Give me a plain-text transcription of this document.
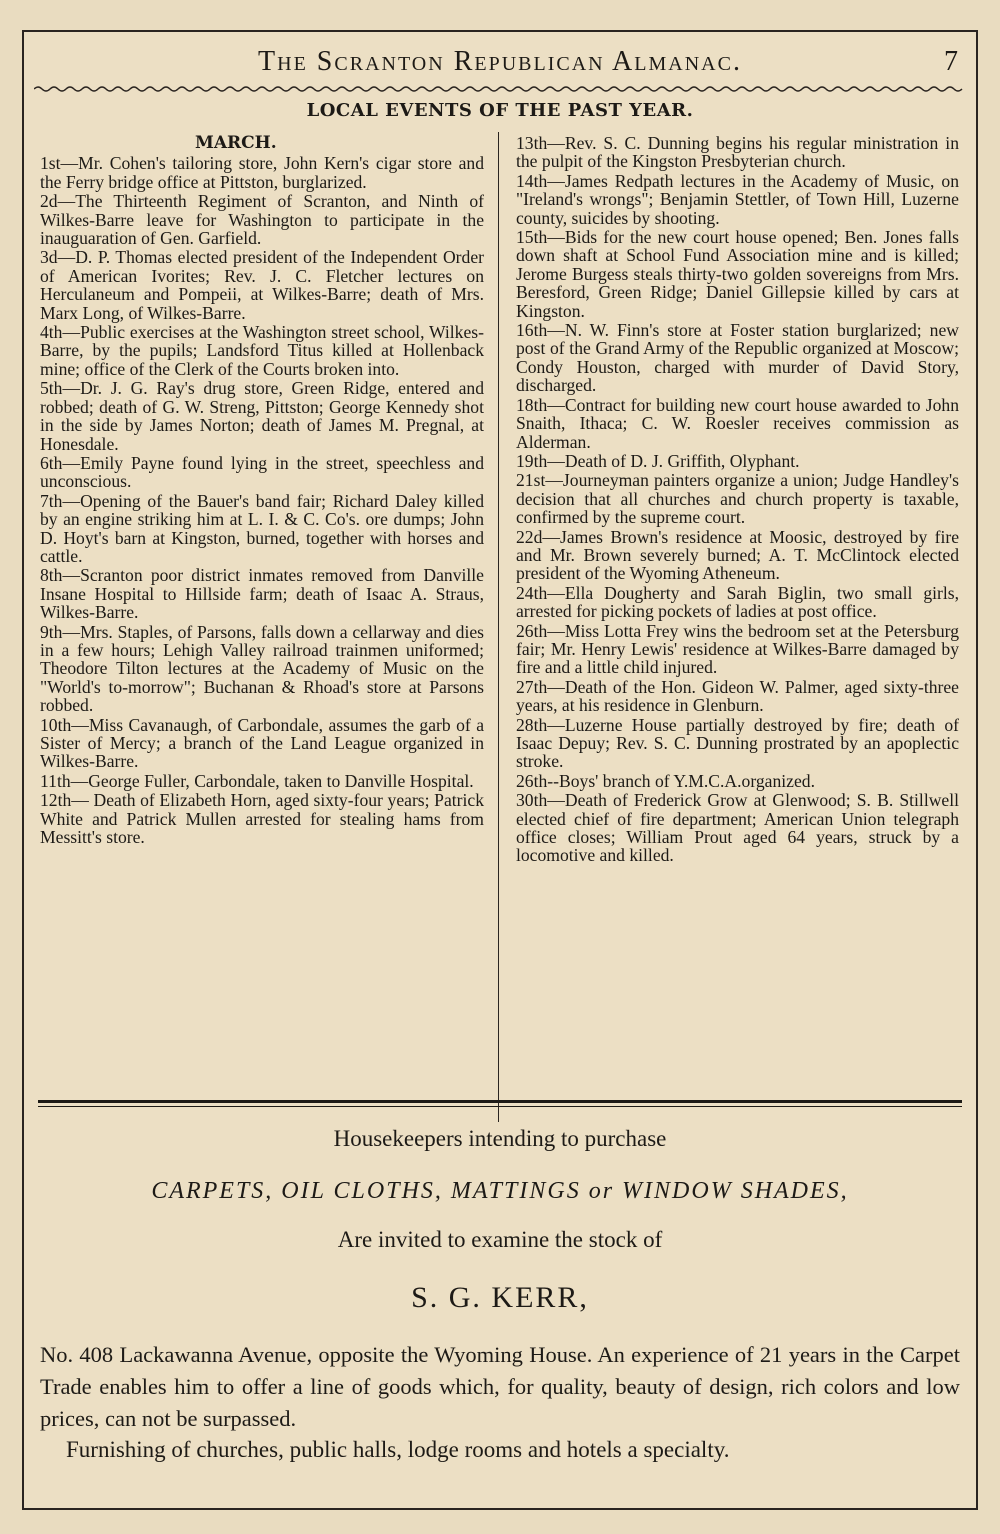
The Scranton Republican Almanac.	7
LOCAL EVENTS OF THE PAST YEAR.
MARCH.
1st—Mr. Cohen's tailoring store, John Kern's cigar store and the Ferry bridge office at Pittston, burglarized.
2d—The Thirteenth Regiment of Scranton, and Ninth of Wilkes-Barre leave for Washington to participate in the inauguaration of Gen. Garfield.
3d—D. P. Thomas elected president of the Independent Order of American Ivorites; Rev. J. C. Fletcher lectures on Herculaneum and Pompeii, at Wilkes-Barre; death of Mrs. Marx Long, of Wilkes-Barre.
4th—Public exercises at the Washington street school, Wilkes-Barre, by the pupils; Landsford Titus killed at Hollenback mine; office of the Clerk of the Courts broken into.
5th—Dr. J. G. Ray's drug store, Green Ridge, entered and robbed; death of G. W. Streng, Pittston; George Kennedy shot in the side by James Norton; death of James M. Pregnal, at Honesdale.
6th—Emily Payne found lying in the street, speechless and unconscious.
7th—Opening of the Bauer's band fair; Richard Daley killed by an engine striking him at L. I. & C. Co's. ore dumps; John D. Hoyt's barn at Kingston, burned, together with horses and cattle.
8th—Scranton poor district inmates removed from Danville Insane Hospital to Hillside farm; death of Isaac A. Straus, Wilkes-Barre.
9th—Mrs. Staples, of Parsons, falls down a cellarway and dies in a few hours; Lehigh Valley railroad trainmen uniformed; Theodore Tilton lectures at the Academy of Music on the "World's to-morrow"; Buchanan & Rhoad's store at Parsons robbed.
10th—Miss Cavanaugh, of Carbondale, assumes the garb of a Sister of Mercy; a branch of the Land League organized in Wilkes-Barre.
11th—George Fuller, Carbondale, taken to Danville Hospital.
12th— Death of Elizabeth Horn, aged sixty-four years; Patrick White and Patrick Mullen arrested for stealing hams from Messitt's store.
13th—Rev. S. C. Dunning begins his regular ministration in the pulpit of the Kingston Presbyterian church.
14th—James Redpath lectures in the Academy of Music, on "Ireland's wrongs"; Benjamin Stettler, of Town Hill, Luzerne county, suicides by shooting.
15th—Bids for the new court house opened; Ben. Jones falls down shaft at School Fund Association mine and is killed; Jerome Burgess steals thirty-two golden sovereigns from Mrs. Beresford, Green Ridge; Daniel Gillepsie killed by cars at Kingston.
16th—N. W. Finn's store at Foster station burglarized; new post of the Grand Army of the Republic organized at Moscow; Condy Houston, charged with murder of David Story, discharged.
18th—Contract for building new court house awarded to John Snaith, Ithaca; C. W. Roesler receives commission as Alderman.
19th—Death of D. J. Griffith, Olyphant.
21st—Journeyman painters organize a union; Judge Handley's decision that all churches and church property is taxable, confirmed by the supreme court.
22d—James Brown's residence at Moosic, destroyed by fire and Mr. Brown severely burned; A. T. McClintock elected president of the Wyoming Atheneum.
24th—Ella Dougherty and Sarah Biglin, two small girls, arrested for picking pockets of ladies at post office.
26th—Miss Lotta Frey wins the bedroom set at the Petersburg fair; Mr. Henry Lewis' residence at Wilkes-Barre damaged by fire and a little child injured.
27th—Death of the Hon. Gideon W. Palmer, aged sixty-three years, at his residence in Glenburn.
28th—Luzerne House partially destroyed by fire; death of Isaac Depuy; Rev. S. C. Dunning prostrated by an apoplectic stroke.
26th--Boys' branch of Y.M.C.A.organized.
30th—Death of Frederick Grow at Glenwood; S. B. Stillwell elected chief of fire department; American Union telegraph office closes; William Prout aged 64 years, struck by a locomotive and killed.
Housekeepers intending to purchase
CARPETS, OIL CLOTHS, MATTINGS or WINDOW SHADES,
Are invited to examine the stock of
S. G. KERR,
No. 408 Lackawanna Avenue, opposite the Wyoming House. An experience of 21 years in the Carpet Trade enables him to offer a line of goods which, for quality, beauty of design, rich colors and low prices, can not be surpassed.
Furnishing of churches, public halls, lodge rooms and hotels a specialty.
